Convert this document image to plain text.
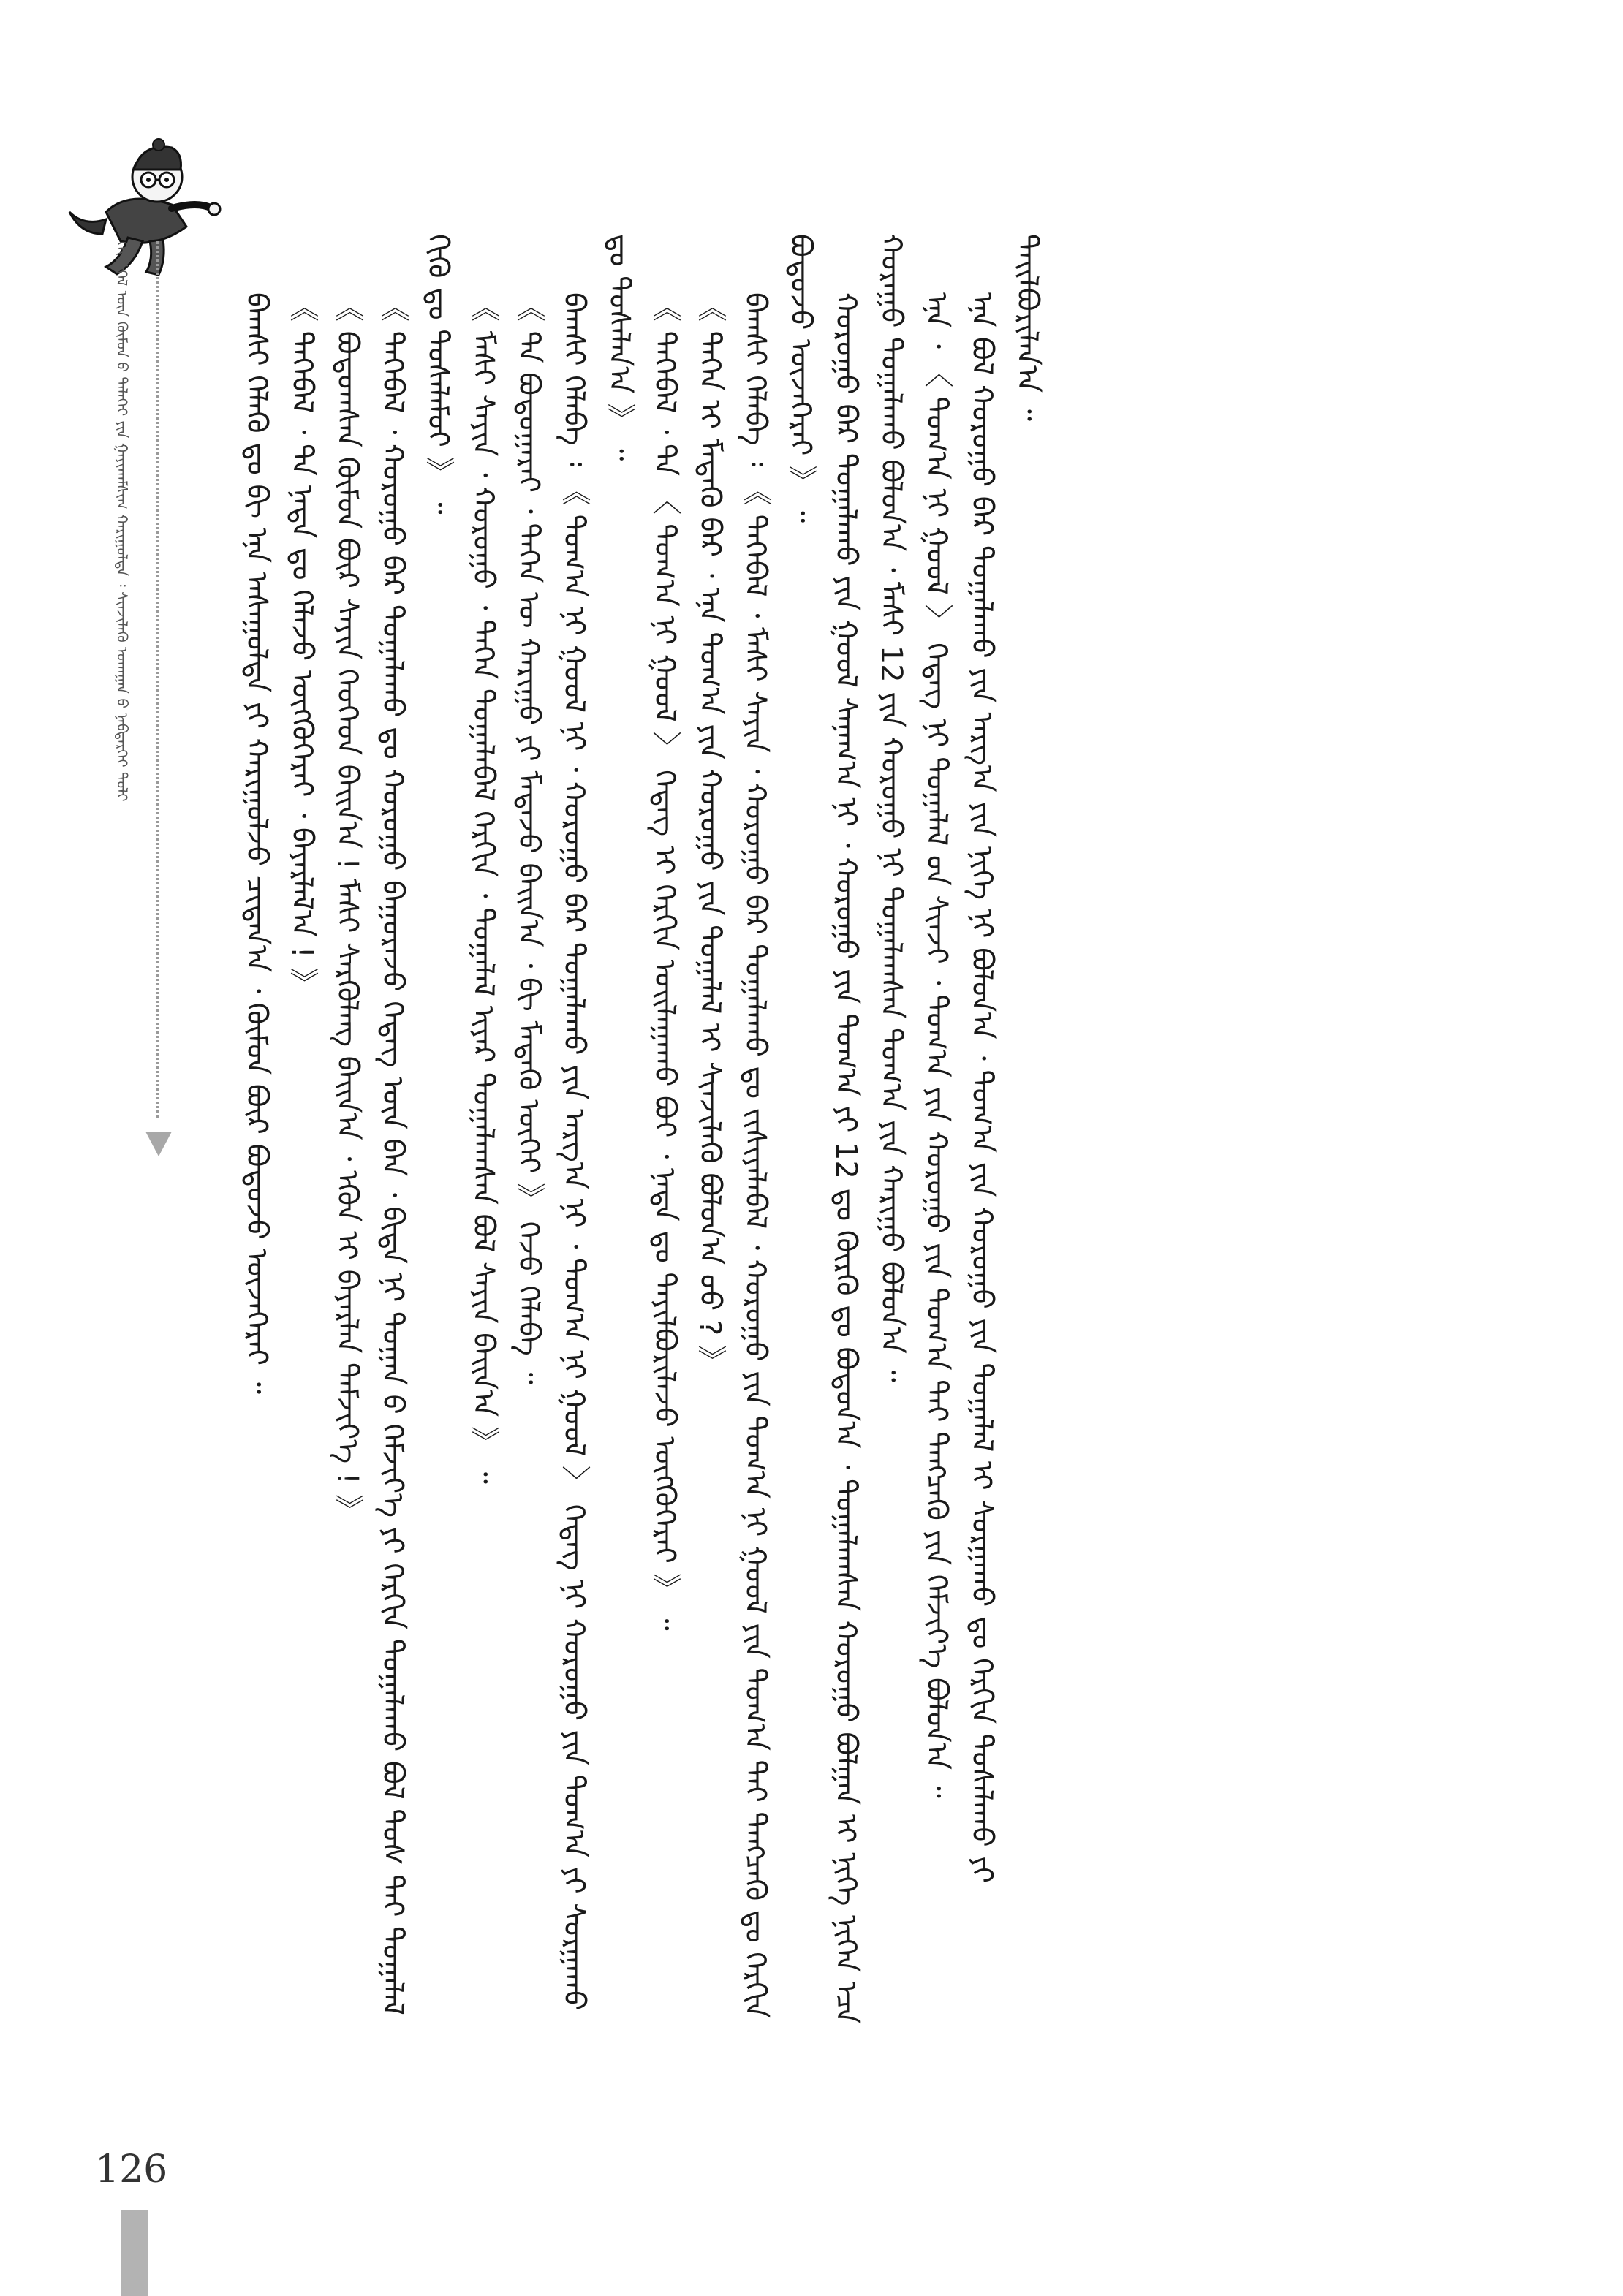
ᠬᠡᠶ᠋ᠢᠰᠬᠡᠯ ᠦᠨ ᠬᠦᠮᠦᠨ ᠤ᠋ ᠳᠡᠯᠡᠬᠡᠢ ᠶᠢᠨ ᠭᠠᠶᠢᠬᠠᠮᠰᠢᠭ ᠬᠠᠷᠢᠭᠤᠯᠲᠠ ᠄ ᠰᠢᠨᠵᠢᠯᠡᠬᠦ ᠤᠬᠠᠭᠠᠨ ᠤ᠋ ᠨᠡᠪᠲᠡᠷᠬᠡᠢ ᠲᠣᠯᠢ	ᠪᠠᠭᠰᠢ ᠬᠡᠯᠡᠬᠦ ᠳᠤ ᠪᠢ ᠡᠨᠡ ᠠᠰᠠᠭᠤᠯᠲᠠ ᠶᠢ ᠬᠠᠷᠢᠭᠤᠯᠵᠤ ᠴᠢᠳᠠᠨ᠎ᠠ ᠂ ᠬᠦᠮᠦᠨ ᠪᠦᠷ ᠪᠣᠳᠣᠵᠤ ᠦᠵᠡᠭᠡᠷᠡᠢ ᠃ 《 ᠲᠡᠭᠡᠪᠡᠯ ᠂ ᠲᠠ ᠨᠠᠳᠠ ᠳᠤ ᠬᠡᠯᠡᠵᠦ ᠥᠭᠭᠦᠭᠡᠷᠡᠢ ᠂ ᠪᠠᠶᠠᠷᠯᠠᠯ᠎ᠠ ! 》 《 ᠪᠣᠳᠣᠭᠰᠠᠨ ᠬᠦᠮᠦᠨ ᠪᠦᠷ ᠰᠠᠶᠢᠨ ᠬᠡᠦᠬᠡᠳ ᠪᠠᠢᠨ᠎ᠠ ! ᠮᠠᠰᠢ ᠰᠡᠷᠭᠦᠯᠡᠩ ᠪᠠᠢᠨ᠎ᠠ ᠂ ᠡᠭᠦᠨ ᠢ ᠪᠠᠶᠠᠷᠯᠠᠨ ᠳᠡᠮᠵᠢᠶ᠎ᠡ ! 》 《 ᠲᠡᠭᠡᠪᠡᠯ ᠂ ᠬᠤᠷᠤᠭᠤ ᠪᠡᠷ ᠲᠣᠭᠠᠯᠠᠬᠤ ᠳᠤ ᠬᠤᠷᠤᠭᠤ ᠪᠠᠭᠤᠷᠠᠵᠤ ᠭᠡᠳᠡᠭ ᠦᠨ ᠪᠠᠨ ᠂ ᠪᠢᠳᠡ ᠨᠢ ᠲᠣᠭᠠᠨ ᠤ᠋ ᠬᠡᠮᠵᠢᠶ᠎ᠡ ᠶᠢ ᠬᠡᠷᠬᠢᠨ ᠲᠣᠭᠠᠯᠠᠬᠤ ᠪᠣᠯ ᠲᠤᠰ ᠲᠠᠢ ᠲᠣᠭᠠᠯᠠᠯ ᠬᠢᠬᠦ ᠳᠤ ᠲᠤᠰᠠᠯᠠᠮᠤᠢ 》 ᠃ 《 ᠮᠠᠰᠢ ᠰᠠᠶᠢᠨ ᠂ ᠬᠤᠷᠤᠭᠤ ᠂ ᠲᠡᠭᠡᠨ ᠲᠣᠭᠠᠯᠠᠪᠠᠯ ᠬᠡᠷᠬᠢᠨ ᠂ ᠲᠣᠭᠠᠯᠠᠯ ᠢᠶᠡᠷ ᠲᠣᠭᠠᠯᠠᠭᠰᠠᠨ ᠪᠣᠯ ᠰᠠᠶᠢᠨ ᠪᠠᠢᠨ᠎ᠠ 》 ᠃ 《 ᠲᠠ ᠪᠣᠳᠣᠭᠠᠷᠠᠢ ᠂ ᠲᠡᠭᠡᠨ ᠦ ᠬᠠᠷᠢᠭᠤ ᠶᠢ ᠮᠡᠳᠡᠵᠦ ᠪᠠᠢᠨ᠎ᠠ ᠂ ᠪᠢ ᠮᠡᠳᠡᠬᠦ ᠦᠭᠡᠢ 》 ᠭᠡᠵᠦ ᠬᠡᠯᠡᠪᠡ ᠃ ᠪᠠᠭᠰᠢ ᠬᠡᠯᠡᠪᠡ ᠄ 《 ᠲᠣᠭ᠎ᠠ ᠨᠢ ᠭᠣᠣᠯ ᠨᠢ ᠂ ᠬᠤᠷᠤᠭᠤ ᠪᠡᠷ ᠲᠣᠭᠠᠯᠠᠬᠤ ᠶᠢᠨ ᠠᠷᠭ᠎ᠠ ᠨᠢ ᠂ ᠲᠣᠭ᠎ᠠ ᠨᠢ ᠭᠣᠣᠯ 〉 ᠭᠡᠳᠡᠭ ᠨᠢ ᠬᠤᠷᠤᠭᠤ ᠶᠢᠨ ᠲᠣᠭ᠎ᠠ ᠶᠢ ᠰᠤᠷᠭᠠᠬᠤ ᠳᠤ ᠲᠤᠰᠠᠯᠠᠨ᠎ᠠ 》 ᠃ 《 ᠲᠡᠭᠡᠪᠡᠯ ᠂ ᠲᠠ 〈 ᠲᠣᠭ᠎ᠠ ᠨᠢ ᠭᠣᠣᠯ 〉 ᠭᠡᠳᠡᠭ ᠢ ᠬᠡᠷᠬᠢᠨ ᠣᠢᠯᠠᠭᠠᠬᠤ ᠪᠤᠢ ᠂ ᠨᠠᠳᠠ ᠳᠤ ᠲᠠᠶᠢᠯᠪᠤᠷᠢᠯᠠᠵᠤ ᠥᠭᠭᠦᠭᠡᠷᠡᠢ 》 ᠃ 《 ᠲᠡᠭᠡᠨ ᠢ ᠮᠡᠳᠡᠬᠦ ᠪᠠᠷ ᠂ ᠡᠨᠡ ᠲᠣᠭ᠎ᠠ ᠶᠢᠨ ᠬᠤᠷᠤᠭᠤ ᠶᠢᠨ ᠲᠣᠭᠠᠯᠠᠯ ᠢ ᠰᠢᠨᠵᠢᠯᠡᠬᠦ ᠪᠣᠯᠤᠨ᠎ᠠ ᠤᠤ ? 》 ᠪᠠᠭᠰᠢ ᠬᠡᠯᠡᠪᠡ ᠄ 《 ᠲᠡᠭᠡᠪᠡᠯ ᠂ ᠮᠠᠰᠢ ᠰᠠᠶᠢᠨ ᠂ ᠬᠤᠷᠤᠭᠤ ᠪᠡᠷ ᠲᠣᠭᠠᠯᠠᠬᠤ ᠳᠤ ᠵᠢᠱᠢᠶᠡᠯᠡᠪᠡᠯ ᠂ ᠬᠤᠷᠤᠭᠤ ᠶᠢᠨ ᠲᠣᠭ᠎ᠠ ᠨᠢ ᠭᠣᠣᠯ ᠶᠢᠨ ᠲᠣᠭ᠎ᠠ ᠲᠠᠢ ᠲᠡᠩᠴᠡᠬᠦ ᠳᠤ ᠬᠡᠷᠬᠢᠨ ᠪᠣᠳᠣᠵᠤ ᠦᠵᠡᠭᠡᠷᠡᠢ 》 ᠃ ᠬᠤᠷᠤᠭᠤ ᠪᠡᠷ ᠲᠣᠭᠠᠯᠠᠬᠤ ᠶᠢᠨ ᠭᠣᠣᠯ ᠰᠠᠨᠠᠭ᠎ᠠ ᠨᠢ ᠂ ᠬᠤᠷᠤᠭᠤ ᠶᠢᠨ ᠲᠣᠭ᠎ᠠ ᠶᠢ 12 ᠳᠤ ᠬᠦᠷᠬᠦ ᠳᠤ ᠪᠣᠳᠣᠨ᠎ᠠ ᠂ ᠲᠣᠭᠠᠯᠠᠭᠰᠠᠨ ᠬᠤᠷᠤᠭᠤ ᠪᠣᠯᠭᠠᠨ ᠢ ᠨᠢᠭᠡ ᠨᠢᠭᠡᠨ ᠡᠴᠡ ᠬᠤᠷᠠᠭᠤ ᠲᠣᠭᠠᠯᠠᠬᠤ ᠪᠣᠯᠤᠨ᠎ᠠ ᠂ ᠮᠠᠰᠢ 12 ᠶᠢᠨ ᠬᠤᠷᠤᠭᠤ ᠨᠢ ᠲᠣᠭᠠᠯᠠᠭᠰᠠᠨ ᠲᠣᠭ᠎ᠠ ᠶᠢᠨ ᠬᠠᠷᠢᠭᠤ ᠪᠣᠯᠤᠨ᠎ᠠ ᠃ ᠡᠨᠡ ᠂ 〈 ᠲᠣᠭ᠎ᠠ ᠨᠢ ᠭᠣᠣᠯ 〉 ᠭᠡᠳᠡᠭ ᠨᠢ ᠲᠣᠭᠠᠯᠠᠯ ᠤ᠋ᠨ ᠰᠢᠨᠵᠢ ᠂ ᠲᠣᠭ᠎ᠠ ᠶᠢᠨ ᠬᠤᠷᠤᠭᠤ ᠶᠢᠨ ᠲᠣᠭ᠎ᠠ ᠲᠠᠢ ᠲᠡᠩᠴᠡᠬᠦ ᠶᠢᠨ ᠬᠡᠮᠵᠢᠶ᠎ᠡ ᠪᠣᠯᠤᠨ᠎ᠠ ᠃ ᠡᠨᠡ ᠪᠣᠯ ᠬᠤᠷᠤᠭᠤ ᠪᠡᠷ ᠲᠣᠭᠠᠯᠠᠬᠤ ᠶᠢᠨ ᠠᠷᠭ᠎ᠠ ᠶᠢᠨ ᠨᠢᠭᠡ ᠨᠢ ᠪᠣᠯᠤᠨ᠎ᠠ ᠂ ᠲᠣᠭ᠎ᠠ ᠶᠢᠨ ᠬᠤᠷᠤᠭᠤ ᠶᠢᠨ ᠲᠣᠭᠠᠯᠠᠯ ᠢ ᠰᠤᠷᠭᠠᠬᠤ ᠳᠤ ᠬᠡᠷᠬᠢᠨ ᠲᠤᠰᠠᠯᠠᠬᠤ ᠶᠢ ᠲᠠᠢᠯᠪᠤᠷᠢᠯᠠᠨ᠎ᠠ ᠃

126
